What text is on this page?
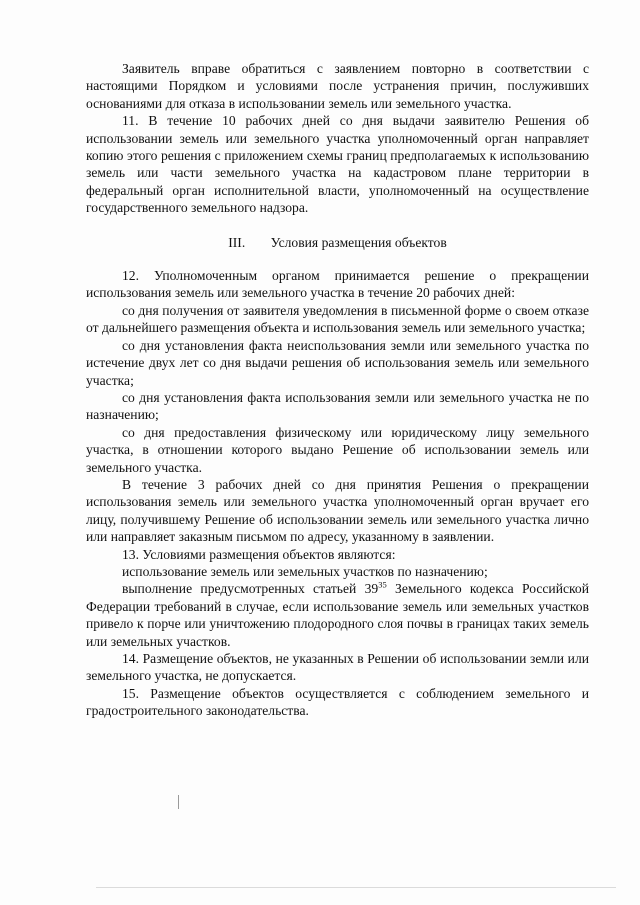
Заявитель вправе обратиться с заявлением повторно в соответствии с настоящими Порядком и условиями после устранения причин, послуживших основаниями для отказа в использовании земель или земельного участка.

11. В течение 10 рабочих дней со дня выдачи заявителю Решения об использовании земель или земельного участка уполномоченный орган направляет копию этого решения с приложением схемы границ предполагаемых к использованию земель или части земельного участка на кадастровом плане территории в федеральный орган исполнительной власти, уполномоченный на осуществление государственного земельного надзора.

III. Условия размещения объектов

12. Уполномоченным органом принимается решение о прекращении использования земель или земельного участка в течение 20 рабочих дней:

со дня получения от заявителя уведомления в письменной форме о своем отказе от дальнейшего размещения объекта и использования земель или земельного участка;

со дня установления факта неиспользования земли или земельного участка по истечение двух лет со дня выдачи решения об использования земель или земельного участка;

со дня установления факта использования земли или земельного участка не по назначению;

со дня предоставления физическому или юридическому лицу земельного участка, в отношении которого выдано Решение об использовании земель или земельного участка.

В течение 3 рабочих дней со дня принятия Решения о прекращении использования земель или земельного участка уполномоченный орган вручает его лицу, получившему Решение об использовании земель или земельного участка лично или направляет заказным письмом по адресу, указанному в заявлении.

13. Условиями размещения объектов являются:

использование земель или земельных участков по назначению;

выполнение предусмотренных статьей $39^{35}$ Земельного кодекса Российской Федерации требований в случае, если использование земель или земельных участков привело к порче или уничтожению плодородного слоя почвы в границах таких земель или земельных участков.

14. Размещение объектов, не указанных в Решении об использовании земли или земельного участка, не допускается.

15. Размещение объектов осуществляется с соблюдением земельного и градостроительного законодательства.
